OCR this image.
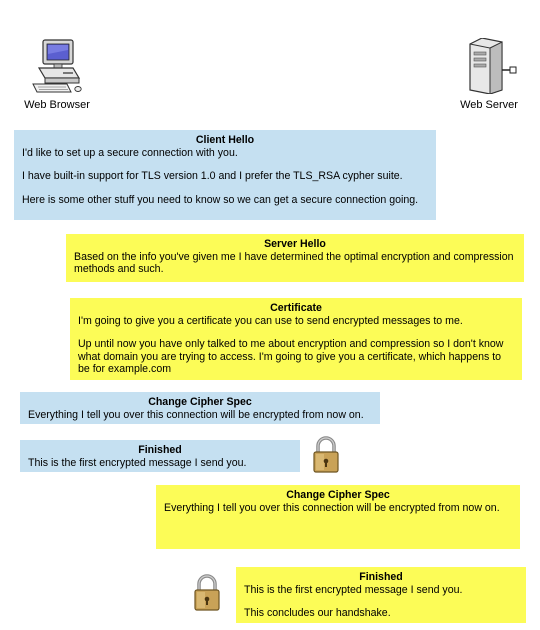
Web Browser	Web Server
Client Hello

I'd like to set up a secure connection with you.

I have built-in support for TLS version 1.0 and I prefer the TLS_RSA cypher suite.

Here is some other stuff you need to know so we can get a secure connection going.

Server Hello

Based on the info you've given me I have determined the optimal encryption and compression methods and such.

Certificate

I'm going to give you a certificate you can use to send encrypted messages to me.

Up until now you have only talked to me about encryption and compression so I don't know what domain you are trying to access. I'm going to give you a certificate, which happens to be for example.com

Change Cipher Spec

Everything I tell you over this connection will be encrypted from now on.

Finished

This is the first encrypted message I send you.

Change Cipher Spec

Everything I tell you over this connection will be encrypted from now on.

Finished

This is the first encrypted message I send you.

This concludes our handshake.
